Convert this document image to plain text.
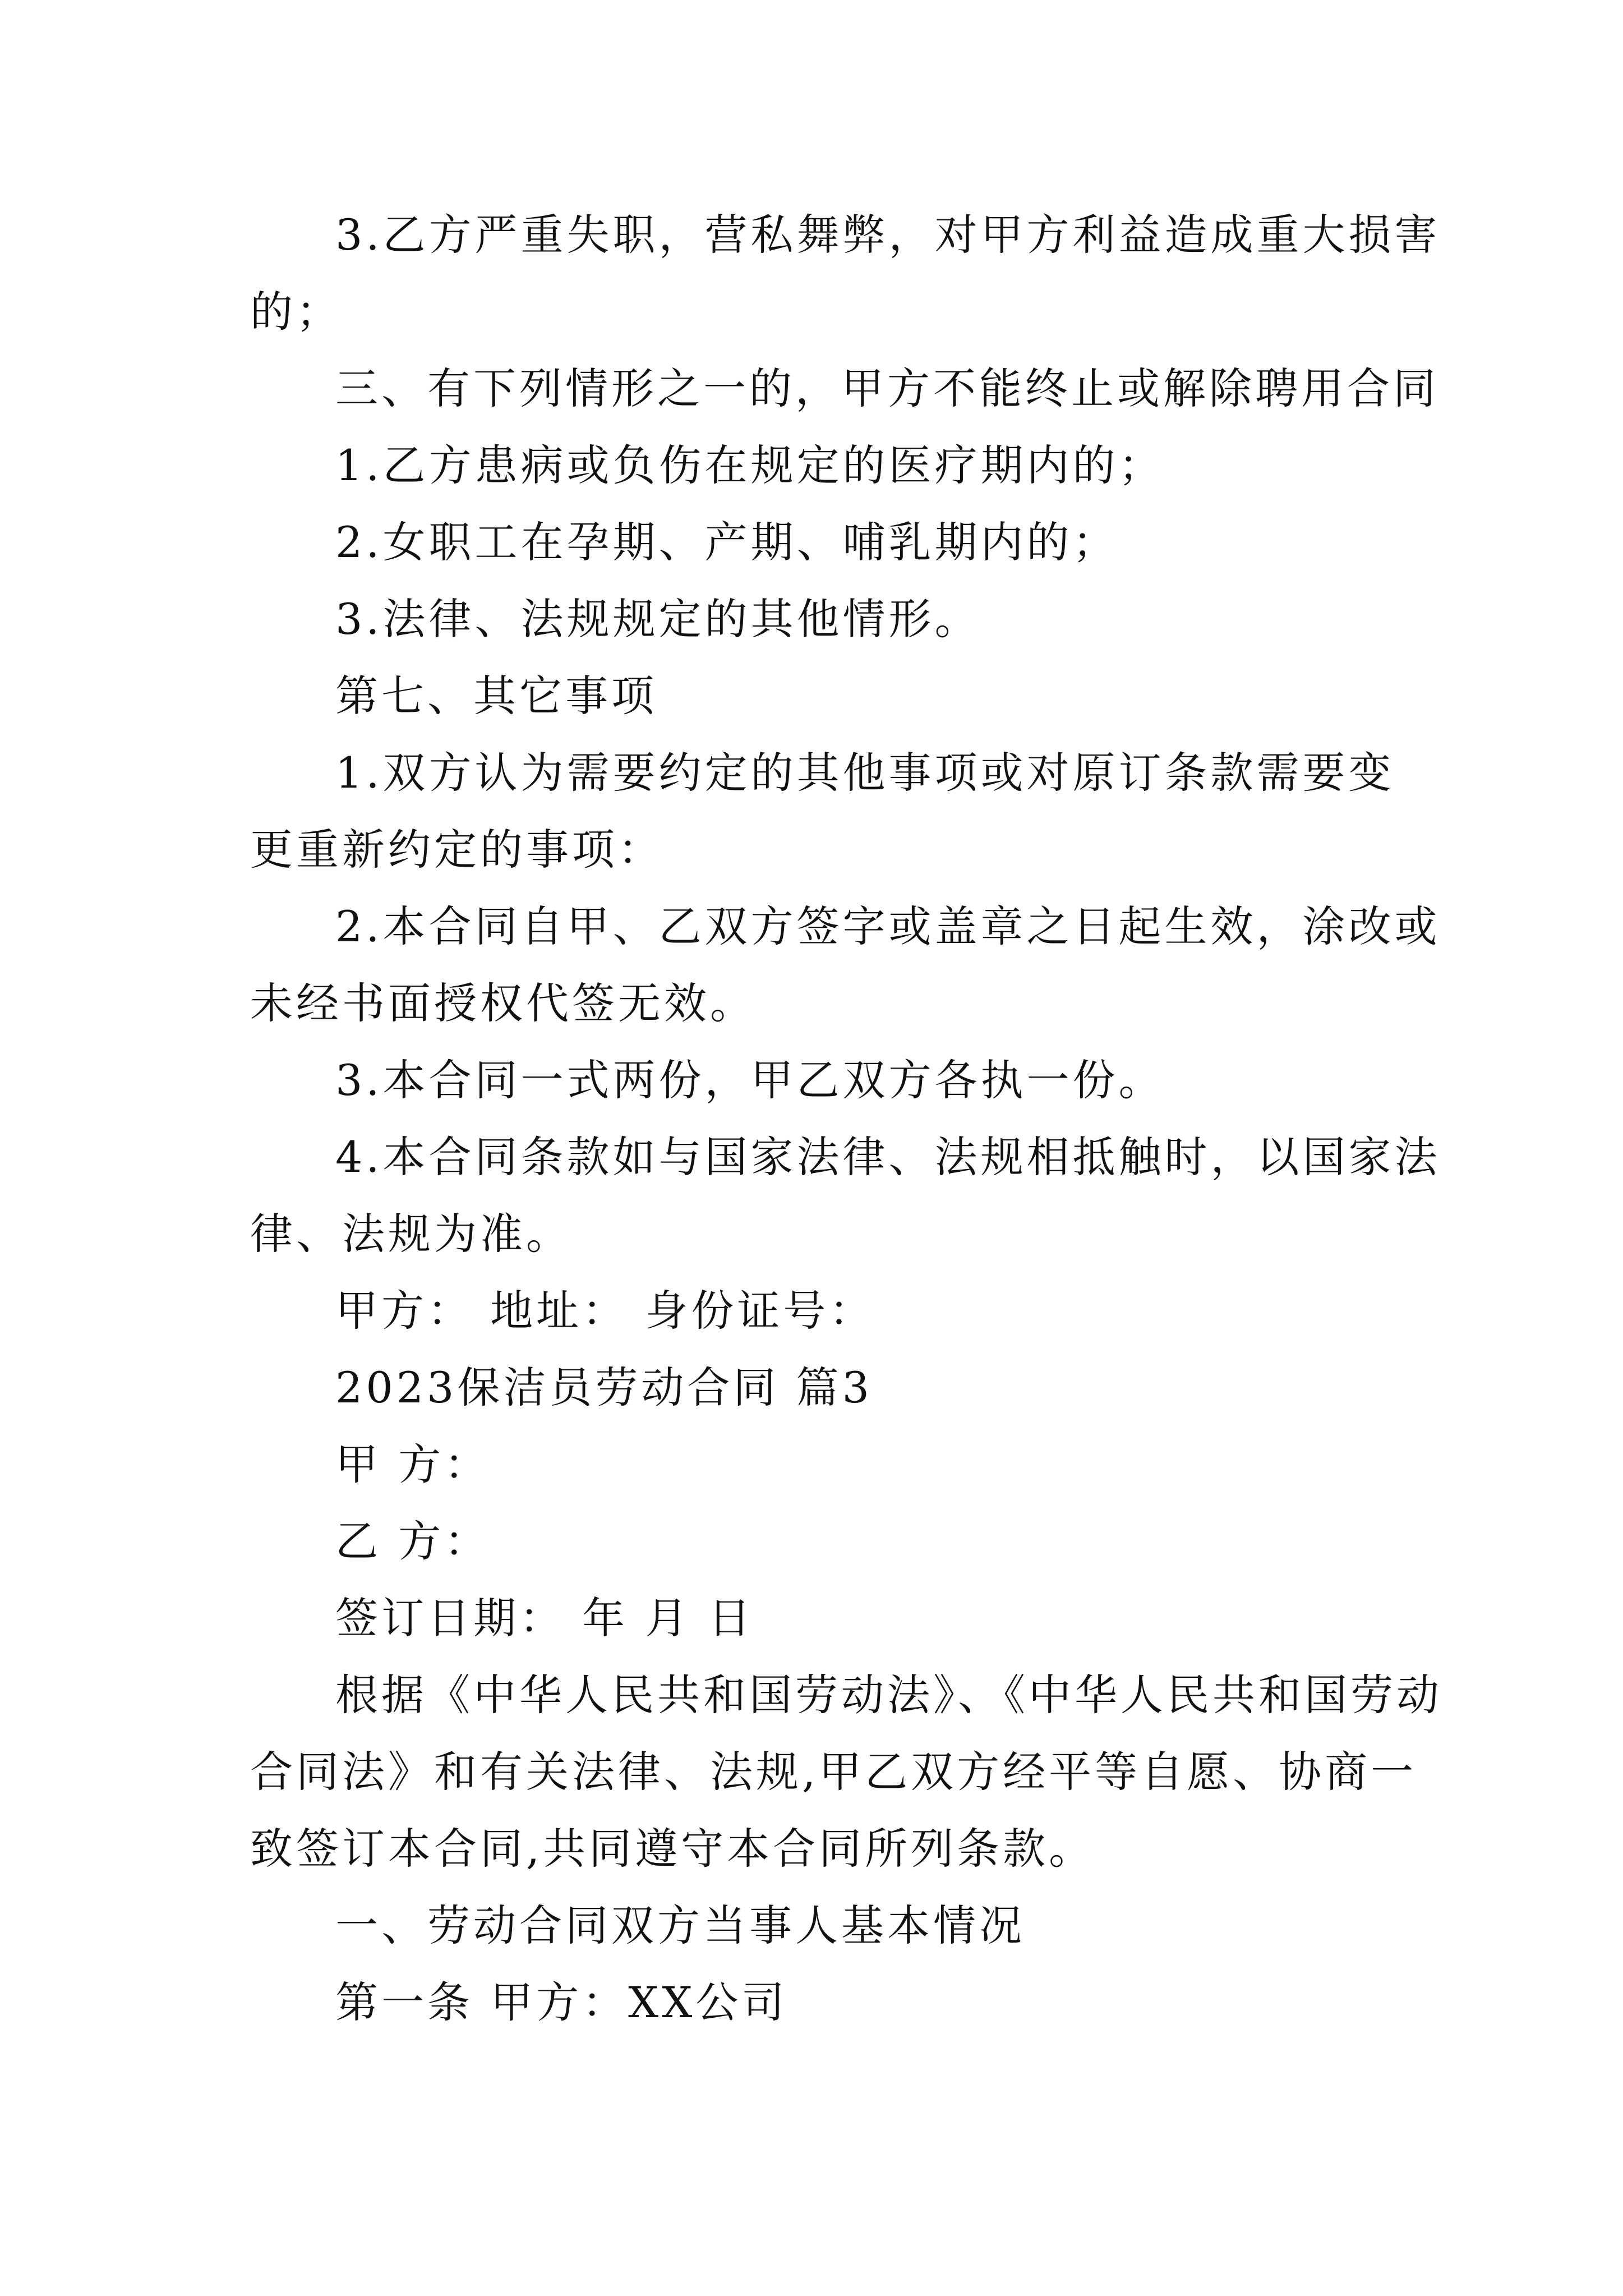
3.乙方严重失职，营私舞弊，对甲方利益造成重大损害
的；
三、有下列情形之一的，甲方不能终止或解除聘用合同
1.乙方患病或负伤在规定的医疗期内的；
2.女职工在孕期、产期、哺乳期内的；
3.法律、法规规定的其他情形。
第七、其它事项
1.双方认为需要约定的其他事项或对原订条款需要变
更重新约定的事项：
2.本合同自甲、乙双方签字或盖章之日起生效，涂改或
未经书面授权代签无效。
3.本合同一式两份，甲乙双方各执一份。
4.本合同条款如与国家法律、法规相抵触时，以国家法
律、法规为准。
甲方： 地址： 身份证号：
2023保洁员劳动合同 篇3
甲 方：
乙 方：
签订日期： 年 月 日
根据《中华人民共和国劳动法》、《中华人民共和国劳动
合同法》和有关法律、法规,甲乙双方经平等自愿、协商一
致签订本合同,共同遵守本合同所列条款。
一、劳动合同双方当事人基本情况
第一条 甲方：XX公司
